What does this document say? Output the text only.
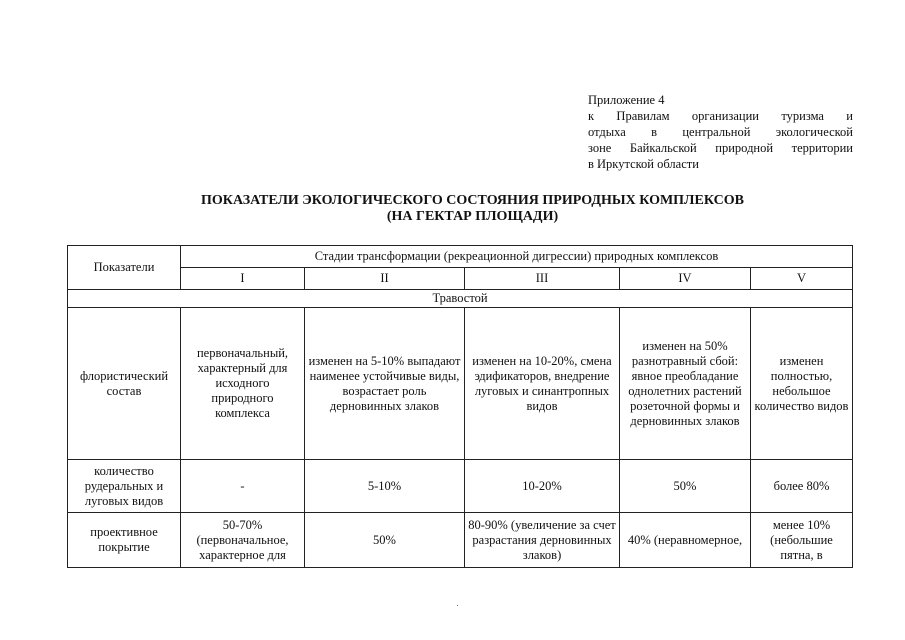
Приложение 4
к Правилам организации туризма и
отдыха в центральной экологической
зоне Байкальской природной территории
в Иркутской области
ПОКАЗАТЕЛИ ЭКОЛОГИЧЕСКОГО СОСТОЯНИЯ ПРИРОДНЫХ КОМПЛЕКСОВ
(НА ГЕКТАР ПЛОЩАДИ)
Показатели	Стадии трансформации (рекреационной дигрессии) природных комплексов				
	I	II	III	IV	V
Травостой					
флористический состав	первоначальный, характерный для исходного природного комплекса	изменен на 5-10% выпадают наименее устойчивые виды, возрастает роль дерновинных злаков	изменен на 10-20%, смена эдификаторов, внедрение луговых и синантропных видов	изменен на 50% разнотравный сбой: явное преобладание однолетних растений розеточной формы и дерновинных злаков	изменен полностью, небольшое количество видов
количество рудеральных и луговых видов	-	5-10%	10-20%	50%	более 80%
проективное покрытие	50-70% (первоначальное, характерное для	50%	80-90% (увеличение за счет разрастания дерновинных злаков)	40% (неравномерное,	менее 10% (небольшие пятна, в
